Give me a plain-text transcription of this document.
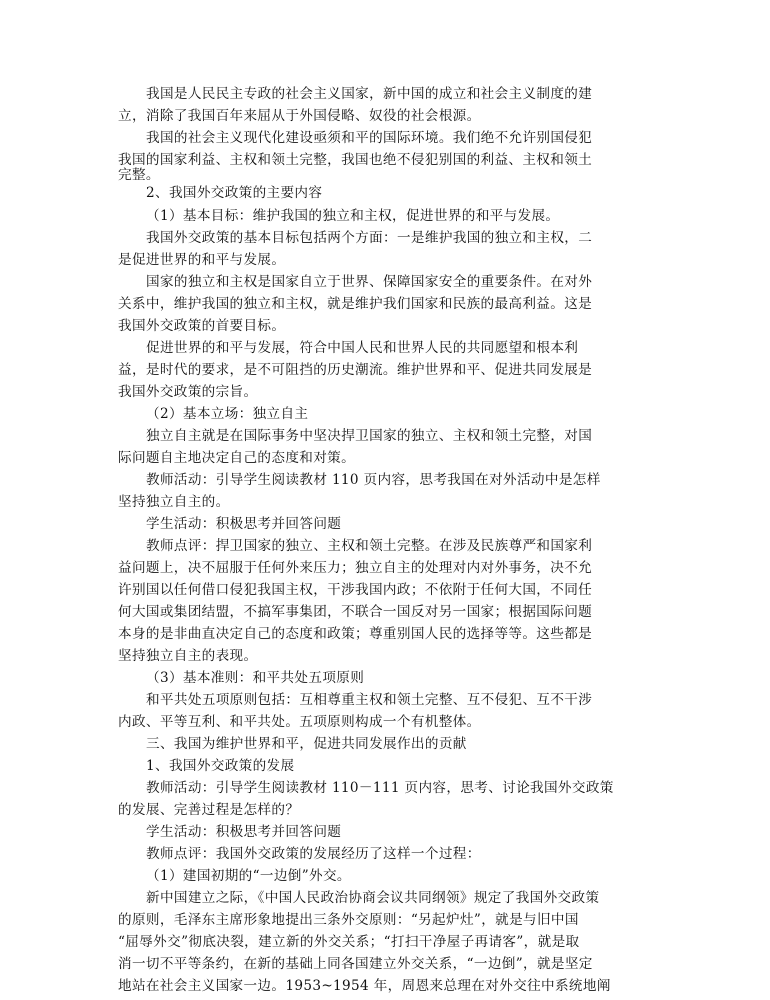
我国是人民民主专政的社会主义国家，新中国的成立和社会主义制度的建
立，消除了我国百年来屈从于外国侵略、奴役的社会根源。
我国的社会主义现代化建设亟须和平的国际环境。我们绝不允许别国侵犯
我国的国家利益、主权和领土完整，我国也绝不侵犯别国的利益、主权和领土
完整。
2、我国外交政策的主要内容
（1）基本目标：维护我国的独立和主权，促进世界的和平与发展。
我国外交政策的基本目标包括两个方面：一是维护我国的独立和主权，二
是促进世界的和平与发展。
国家的独立和主权是国家自立于世界、保障国家安全的重要条件。在对外
关系中，维护我国的独立和主权，就是维护我们国家和民族的最高利益。这是
我国外交政策的首要目标。
促进世界的和平与发展，符合中国人民和世界人民的共同愿望和根本利
益，是时代的要求，是不可阻挡的历史潮流。维护世界和平、促进共同发展是
我国外交政策的宗旨。
（2）基本立场：独立自主
独立自主就是在国际事务中坚决捍卫国家的独立、主权和领土完整，对国
际问题自主地决定自己的态度和对策。
教师活动：引导学生阅读教材 110 页内容，思考我国在对外活动中是怎样
坚持独立自主的。
学生活动：积极思考并回答问题
教师点评：捍卫国家的独立、主权和领土完整。在涉及民族尊严和国家利
益问题上，决不屈服于任何外来压力；独立自主的处理对内对外事务，决不允
许别国以任何借口侵犯我国主权，干涉我国内政；不依附于任何大国，不同任
何大国或集团结盟，不搞军事集团，不联合一国反对另一国家；根据国际问题
本身的是非曲直决定自己的态度和政策；尊重别国人民的选择等等。这些都是
坚持独立自主的表现。
（3）基本准则：和平共处五项原则
和平共处五项原则包括：互相尊重主权和领土完整、互不侵犯、互不干涉
内政、平等互利、和平共处。五项原则构成一个有机整体。
三、我国为维护世界和平，促进共同发展作出的贡献
1、我国外交政策的发展
教师活动：引导学生阅读教材 110－111 页内容，思考、讨论我国外交政策
的发展、完善过程是怎样的？
学生活动：积极思考并回答问题
教师点评：我国外交政策的发展经历了这样一个过程：
（1）建国初期的“一边倒”外交。
新中国建立之际，《中国人民政治协商会议共同纲领》规定了我国外交政策
的原则，毛泽东主席形象地提出三条外交原则：“另起炉灶”，就是与旧中国
“屈辱外交”彻底决裂，建立新的外交关系；“打扫干净屋子再请客”，就是取
消一切不平等条约，在新的基础上同各国建立外交关系，“一边倒”，就是坚定
地站在社会主义国家一边。1953~1954 年，周恩来总理在对外交往中系统地阐
